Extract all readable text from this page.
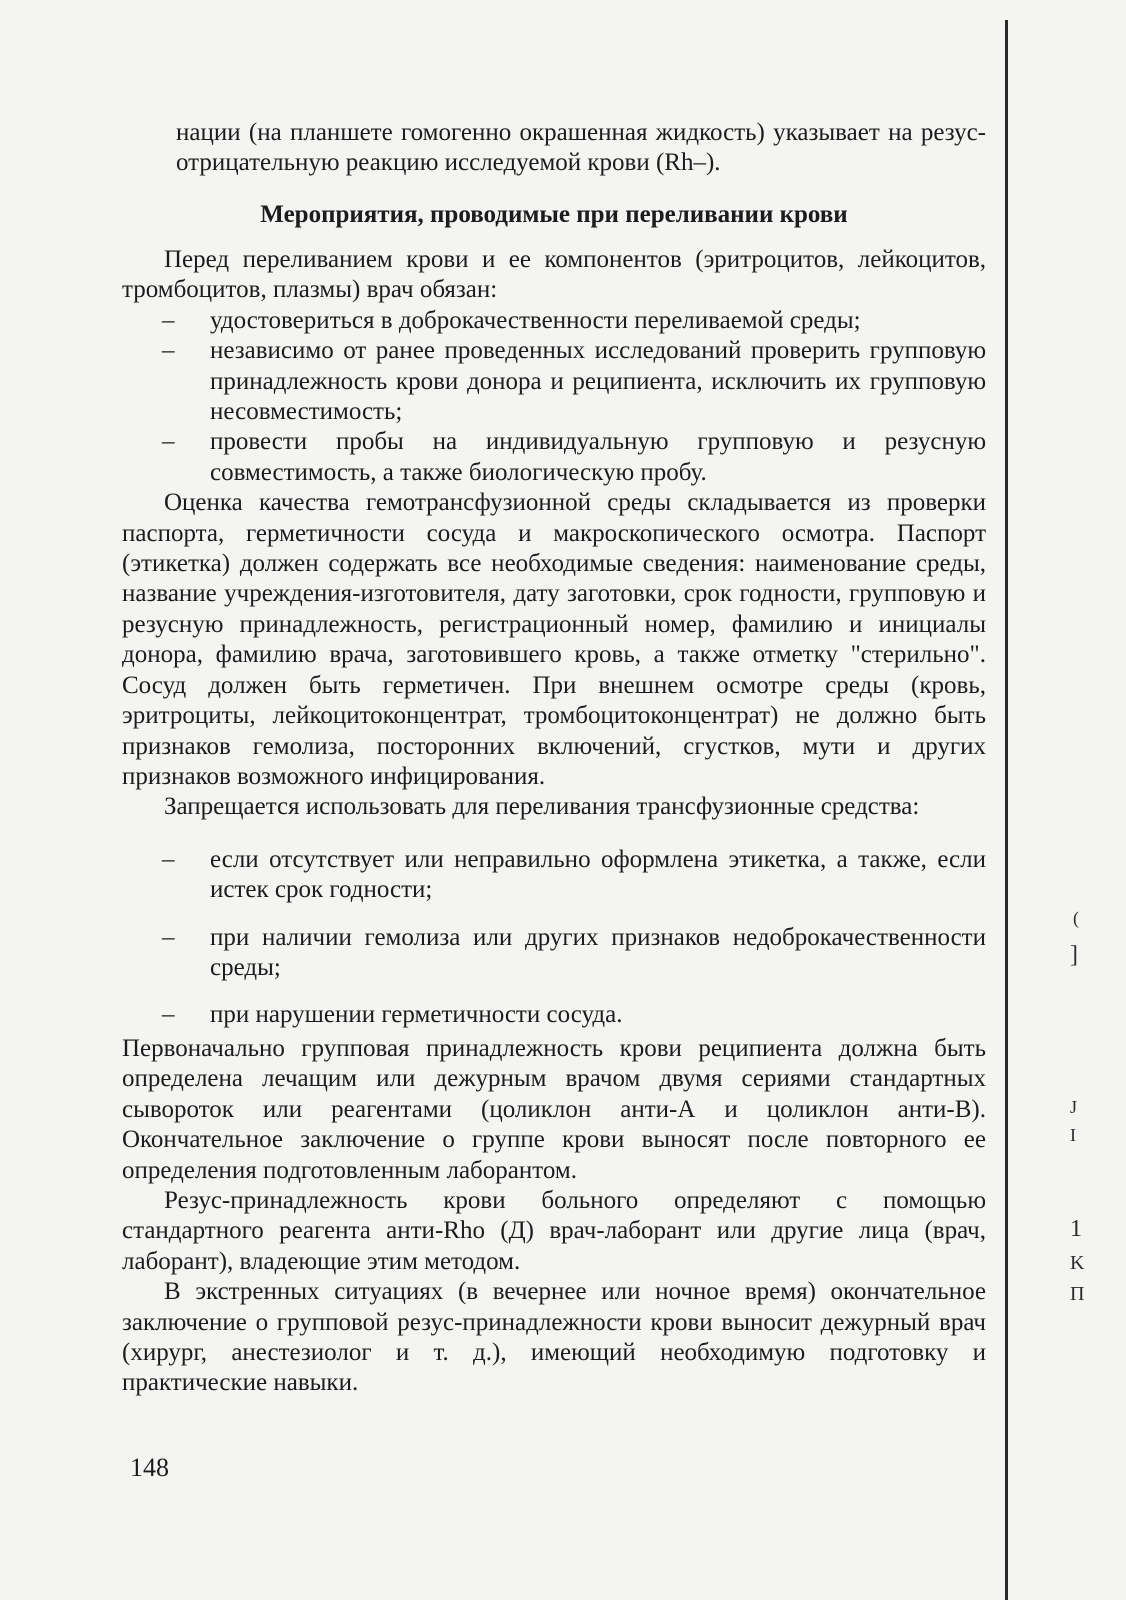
нации (на планшете гомогенно окрашенная жидкость) указывает на резус-отрицательную реакцию исследуемой крови (Rh–).

Мероприятия, проводимые при переливании крови

Перед переливанием крови и ее компонентов (эритроцитов, лейкоцитов, тромбоцитов, плазмы) врач обязан:

– удостовериться в доброкачественности переливаемой среды;
– независимо от ранее проведенных исследований проверить групповую принадлежность крови донора и реципиента, исключить их групповую несовместимость;
– провести пробы на индивидуальную групповую и резусную совместимость, а также биологическую пробу.

Оценка качества гемотрансфузионной среды складывается из проверки паспорта, герметичности сосуда и макроскопического осмотра. Паспорт (этикетка) должен содержать все необходимые сведения: наименование среды, название учреждения-изготовителя, дату заготовки, срок годности, групповую и резусную принадлежность, регистрационный номер, фамилию и инициалы донора, фамилию врача, заготовившего кровь, а также отметку "стерильно". Сосуд должен быть герметичен. При внешнем осмотре среды (кровь, эритроциты, лейкоцитоконцентрат, тромбоцитоконцентрат) не должно быть признаков гемолиза, посторонних включений, сгустков, мути и других признаков возможного инфицирования.

Запрещается использовать для переливания трансфузионные средства:

– если отсутствует или неправильно оформлена этикетка, а также, если истек срок годности;
– при наличии гемолиза или других признаков недоброкачественности среды;
– при нарушении герметичности сосуда.

Первоначально групповая принадлежность крови реципиента должна быть определена лечащим или дежурным врачом двумя сериями стандартных сывороток или реагентами (цоликлон анти-А и цоликлон анти-В). Окончательное заключение о группе крови выносят после повторного ее определения подготовленным лаборантом.

Резус-принадлежность крови больного определяют с помощью стандартного реагента анти-Rho (Д) врач-лаборант или другие лица (врач, лаборант), владеющие этим методом.

В экстренных ситуациях (в вечернее или ночное время) окончательное заключение о групповой резус-принадлежности крови выносит дежурный врач (хирург, анестезиолог и т. д.), имеющий необходимую подготовку и практические навыки.

148
(
]
J
I
1
K
П
